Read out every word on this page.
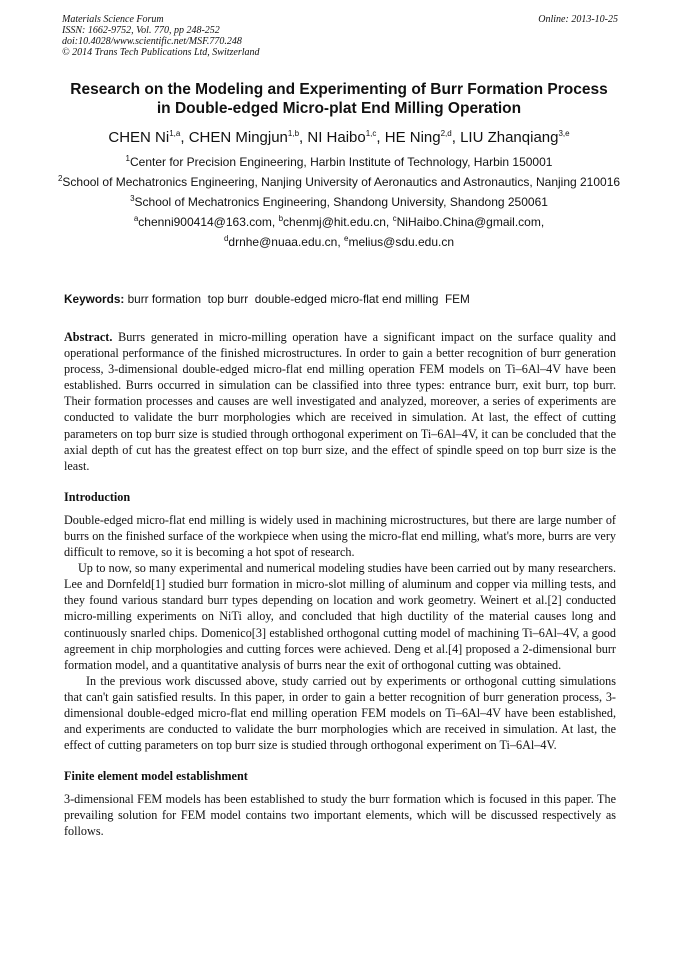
Materials Science Forum
ISSN: 1662-9752, Vol. 770, pp 248-252
doi:10.4028/www.scientific.net/MSF.770.248
© 2014 Trans Tech Publications Ltd, Switzerland
Online: 2013-10-25
Research on the Modeling and Experimenting of Burr Formation Process
in Double-edged Micro-plat End Milling Operation
CHEN Ni$^{1,a}$, CHEN Mingjun$^{1,b}$, NI Haibo$^{1,c}$, HE Ning$^{2,d}$, LIU Zhanqiang$^{3,e}$

$^1$Center for Precision Engineering, Harbin Institute of Technology, Harbin 150001

$^2$School of Mechatronics Engineering, Nanjing University of Aeronautics and Astronautics, Nanjing 210016

$^3$School of Mechatronics Engineering, Shandong University, Shandong 250061

$^a$chenni900414@163.com, $^b$chenmj@hit.edu.cn, $^c$NiHaibo.China@gmail.com,

$^d$drnhe@nuaa.edu.cn, $^e$melius@sdu.edu.cn

Keywords: burr formation  top burr  double-edged micro-flat end milling  FEM

Abstract. Burrs generated in micro-milling operation have a significant impact on the surface quality and operational performance of the finished microstructures. In order to gain a better recognition of burr generation process, 3-dimensional double-edged micro-flat end milling operation FEM models on Ti–6Al–4V have been established. Burrs occurred in simulation can be classified into three types: entrance burr, exit burr, top burr. Their formation processes and causes are well investigated and analyzed, moreover, a series of experiments are conducted to validate the burr morphologies which are received in simulation. At last, the effect of cutting parameters on top burr size is studied through orthogonal experiment on Ti–6Al–4V, it can be concluded that the axial depth of cut has the greatest effect on top burr size, and the effect of spindle speed on top burr size is the least.

Introduction

Double-edged micro-flat end milling is widely used in machining microstructures, but there are large number of burrs on the finished surface of the workpiece when using the micro-flat end milling, what's more, burrs are very difficult to remove, so it is becoming a hot spot of research.

Up to now, so many experimental and numerical modeling studies have been carried out by many researchers. Lee and Dornfeld[1] studied burr formation in micro-slot milling of aluminum and copper via milling tests, and they found various standard burr types depending on location and work geometry. Weinert et al.[2] conducted micro-milling experiments on NiTi alloy, and concluded that high ductility of the material causes long and continuously snarled chips. Domenico[3] established orthogonal cutting model of machining Ti–6Al–4V, a good agreement in chip morphologies and cutting forces were achieved. Deng et al.[4] proposed a 2-dimensional burr formation model, and a quantitative analysis of burrs near the exit of orthogonal cutting was obtained.

In the previous work discussed above, study carried out by experiments or orthogonal cutting simulations that can't gain satisfied results. In this paper, in order to gain a better recognition of burr generation process, 3-dimensional double-edged micro-flat end milling operation FEM models on Ti–6Al–4V have been established, and experiments are conducted to validate the burr morphologies which are received in simulation. At last, the effect of cutting parameters on top burr size is studied through orthogonal experiment on Ti–6Al–4V.

Finite element model establishment

3-dimensional FEM models has been established to study the burr formation which is focused in this paper. The prevailing solution for FEM model contains two important elements, which will be discussed respectively as follows.
